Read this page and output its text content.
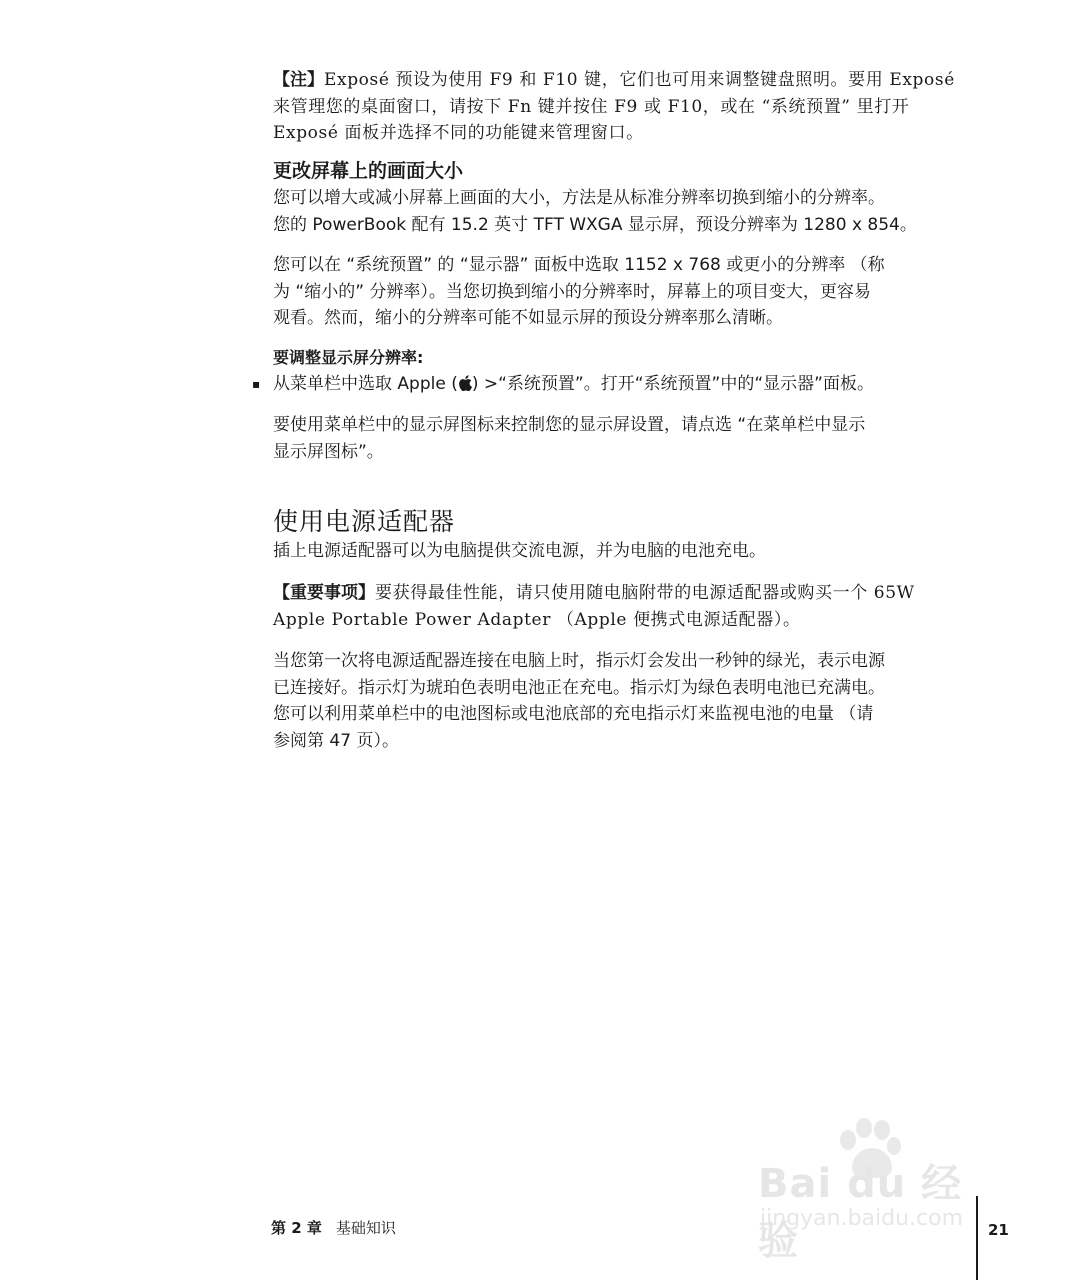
【注】Exposé 预设为使用 F9 和 F10 键，它们也可用来调整键盘照明。要用 Exposé

来管理您的桌面窗口，请按下 Fn 键并按住 F9 或 F10，或在 “系统预置” 里打开

Exposé 面板并选择不同的功能键来管理窗口。

更改屏幕上的画面大小

您可以增大或减小屏幕上画面的大小，方法是从标准分辨率切换到缩小的分辨率。

您的 PowerBook 配有 15.2 英寸 TFT WXGA 显示屏，预设分辨率为 1280 x 854。

您可以在 “系统预置” 的 “显示器” 面板中选取 1152 x 768 或更小的分辨率 （称

为 “缩小的” 分辨率）。当您切换到缩小的分辨率时，屏幕上的项目变大，更容易

观看。然而，缩小的分辨率可能不如显示屏的预设分辨率那么清晰。

要调整显示屏分辨率:
▪ 从菜单栏中选取 Apple ( ) >“系统预置”。打开“系统预置”中的“显示器”面板。

要使用菜单栏中的显示屏图标来控制您的显示屏设置，请点选 “在菜单栏中显示

显示屏图标”。

使用电源适配器

插上电源适配器可以为电脑提供交流电源，并为电脑的电池充电。

【重要事项】要获得最佳性能，请只使用随电脑附带的电源适配器或购买一个 65W

Apple Portable Power Adapter （Apple 便携式电源适配器）。

当您第一次将电源适配器连接在电脑上时，指示灯会发出一秒钟的绿光，表示电源

已连接好。指示灯为琥珀色表明电池正在充电。指示灯为绿色表明电池已充满电。

您可以利用菜单栏中的电池图标或电池底部的充电指示灯来监视电池的电量 （请

参阅第 47 页）。

Bai du 经验
jingyan.baidu.com
第 2 章 基础知识	21
